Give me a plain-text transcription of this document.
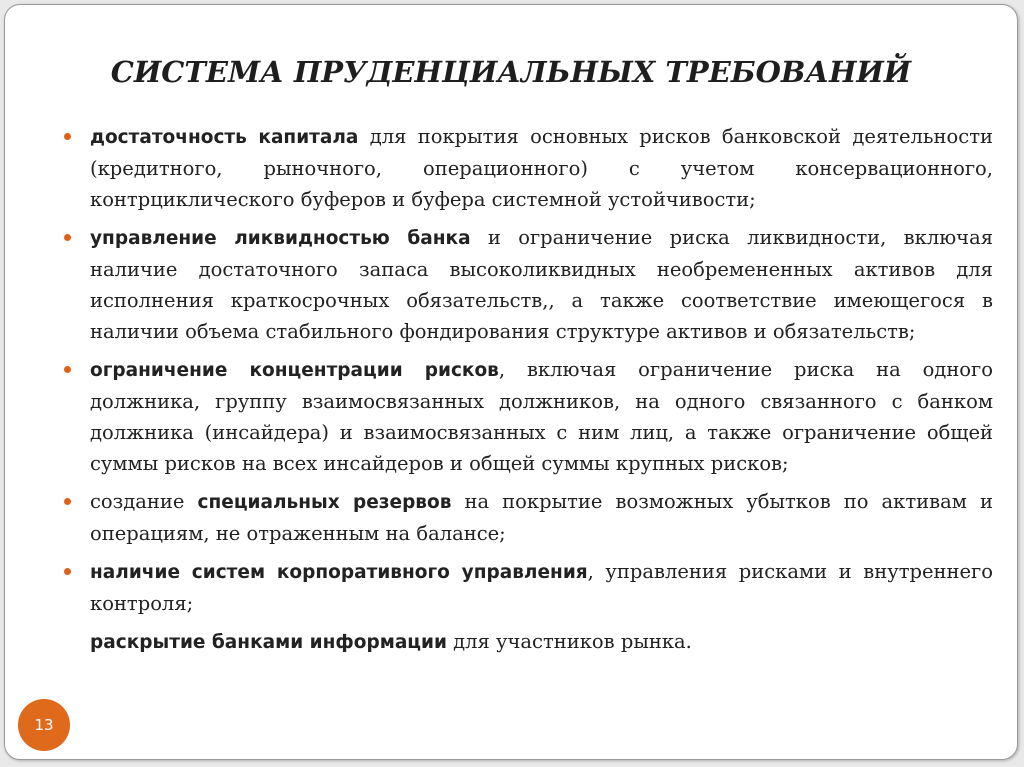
СИСТЕМА ПРУДЕНЦИАЛЬНЫХ ТРЕБОВАНИЙ
достаточность капитала для покрытия основных рисков банковской деятельности (кредитного, рыночного, операционного) с учетом консервационного, контрциклического буферов и буфера системной устойчивости;
управление ликвидностью банка и ограничение риска ликвидности, включая наличие достаточного запаса высоколиквидных необремененных активов для исполнения краткосрочных обязательств,, а также соответствие имеющегося в наличии объема стабильного фондирования структуре активов и обязательств;
ограничение концентрации рисков, включая ограничение риска на одного должника, группу взаимосвязанных должников, на одного связанного с банком должника (инсайдера) и взаимосвязанных с ним лиц, а также ограничение общей суммы рисков на всех инсайдеров и общей суммы крупных рисков;
создание специальных резервов на покрытие возможных убытков по активам и операциям, не отраженным на балансе;
наличие систем корпоративного управления, управления рисками и внутреннего контроля;
раскрытие банками информации для участников рынка.
13
